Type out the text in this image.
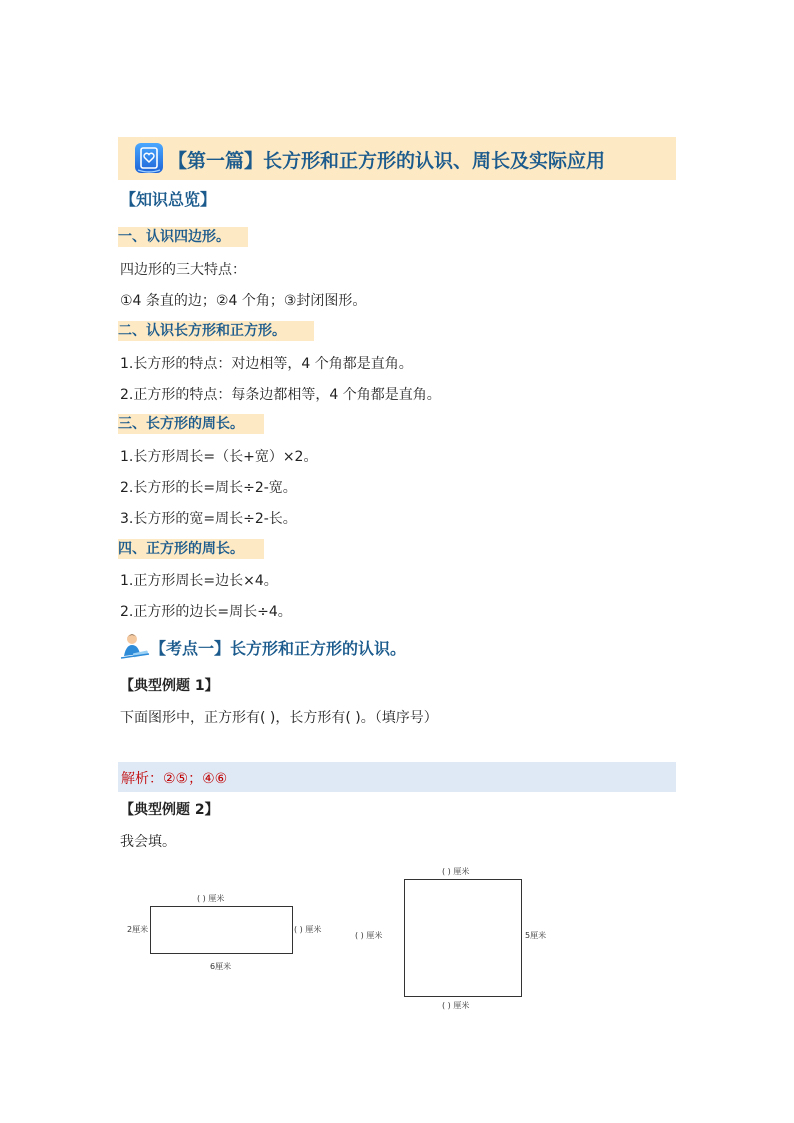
【第一篇】长方形和正方形的认识、周长及实际应用
【知识总览】
一、认识四边形。
四边形的三大特点：
①4 条直的边；②4 个角；③封闭图形。
二、认识长方形和正方形。
1.长方形的特点：对边相等，4 个角都是直角。
2.正方形的特点：每条边都相等，4 个角都是直角。
三、长方形的周长。
1.长方形周长=（长+宽）×2。
2.长方形的长=周长÷2-宽。
3.长方形的宽=周长÷2-长。
四、正方形的周长。
1.正方形周长=边长×4。
2.正方形的边长=周长÷4。
【考点一】长方形和正方形的认识。
【典型例题 1】
下面图形中，正方形有( )，长方形有( )。（填序号）
解析：②⑤；④⑥
【典型例题 2】
我会填。
( ) 厘米
2厘米	( ) 厘米
6厘米
( ) 厘米
( ) 厘米	5厘米
( ) 厘米
